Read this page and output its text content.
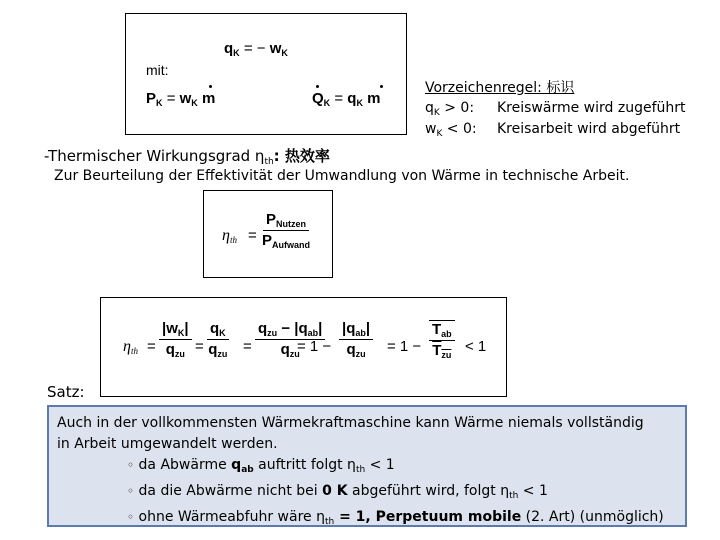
$q_K$ = − $w_K$
mit:
$P_K = w_K$ m	$Q_K = q_K$ m
Vorzeichenregel: 标识
$q_K > 0$: Kreiswärme wird zugeführt
$w_K < 0$: Kreisarbeit wird abgeführt
-Thermischer Wirkungsgrad $\eta_{th}$: 热效率
Zur Beurteilung der Effektivität der Umwandlung von Wärme in technische Arbeit.
$\eta_{th}$ =
$P_{Nutzen}$
$P_{Aufwand}$
$\eta_{th}$ =
$|w_K|$
$q_{zu}$ =
$q_K$
$q_{zu}$ =
$q_{zu} - |q_{ab}|$
$q_{zu}$
= 1 −
$|q_{ab}|$
$q_{zu} = 1$ −
$T_{ab}$
$T_{zu} < 1$
Satz:
Auch in der vollkommensten Wärmekraftmaschine kann Wärme niemals vollständig
in Arbeit umgewandelt werden.
◦ da Abwärme $q_{ab}$ auftritt folgt $\eta_{th} < 1$
◦ da die Abwärme nicht bei 0 K abgeführt wird, folgt $\eta_{th} < 1$
◦ ohne Wärmeabfuhr wäre $\eta_{th} = 1$, Perpetuum mobile (2. Art) (unmöglich)
